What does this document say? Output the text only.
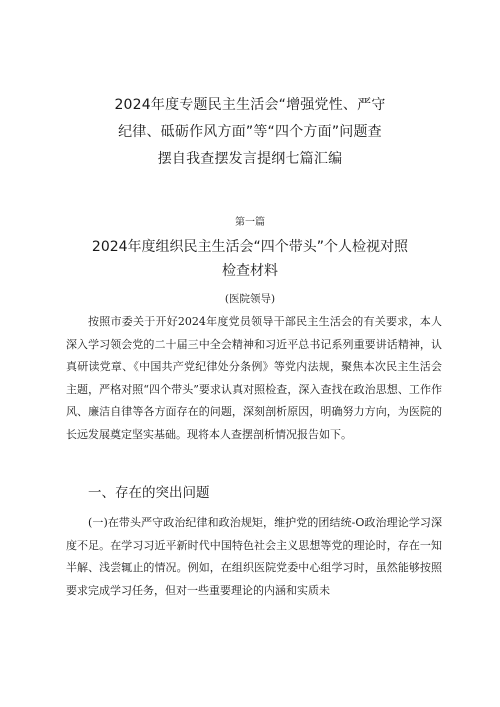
2024年度专题民主生活会“增强党性、严守
纪律、砥砺作风方面”等“四个方面”问题查
摆自我查摆发言提纲七篇汇编
第一篇
2024年度组织民主生活会“四个带头”个人检视对照
检查材料
(医院领导)

按照市委关于开好2024年度党员领导干部民主生活会的有关要求，本人深入学习领会党的二十届三中全会精神和习近平总书记系列重要讲话精神，认真研读党章、《中国共产党纪律处分条例》等党内法规，聚焦本次民主生活会主题，严格对照“四个带头”要求认真对照检查，深入查找在政治思想、工作作风、廉洁自律等各方面存在的问题，深刻剖析原因，明确努力方向，为医院的长远发展奠定坚实基础。现将本人查摆剖析情况报告如下。

一、存在的突出问题

(一)在带头严守政治纪律和政治规矩，维护党的团结统-O政治理论学习深度不足。在学习习近平新时代中国特色社会主义思想等党的理论时，存在一知半解、浅尝辄止的情况。例如，在组织医院党委中心组学习时，虽然能够按照要求完成学习任务，但对一些重要理论的内涵和实质未
